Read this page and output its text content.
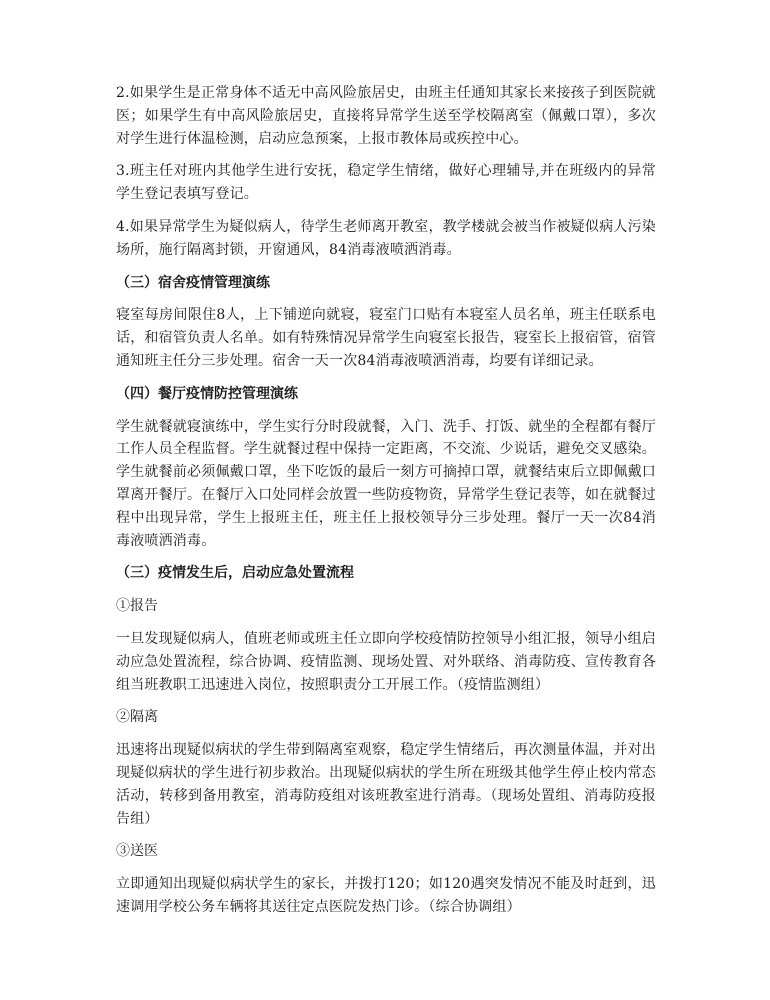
2.如果学生是正常身体不适无中高风险旅居史，由班主任通知其家长来接孩子到医院就医；如果学生有中高风险旅居史，直接将异常学生送至学校隔离室（佩戴口罩），多次对学生进行体温检测，启动应急预案，上报市教体局或疾控中心。

3.班主任对班内其他学生进行安抚，稳定学生情绪，做好心理辅导,并在班级内的异常学生登记表填写登记。

4.如果异常学生为疑似病人，待学生老师离开教室，教学楼就会被当作被疑似病人污染场所，施行隔离封锁，开窗通风，84消毒液喷洒消毒。

（三）宿舍疫情管理演练

寝室每房间限住8人，上下铺逆向就寝，寝室门口贴有本寝室人员名单，班主任联系电话，和宿管负责人名单。如有特殊情况异常学生向寝室长报告，寝室长上报宿管，宿管通知班主任分三步处理。宿舍一天一次84消毒液喷洒消毒，均要有详细记录。

（四）餐厅疫情防控管理演练

学生就餐就寝演练中，学生实行分时段就餐，入门、洗手、打饭、就坐的全程都有餐厅工作人员全程监督。学生就餐过程中保持一定距离，不交流、少说话，避免交叉感染。学生就餐前必须佩戴口罩，坐下吃饭的最后一刻方可摘掉口罩，就餐结束后立即佩戴口罩离开餐厅。在餐厅入口处同样会放置一些防疫物资，异常学生登记表等，如在就餐过程中出现异常，学生上报班主任，班主任上报校领导分三步处理。餐厅一天一次84消毒液喷洒消毒。

（三）疫情发生后，启动应急处置流程

①报告

一旦发现疑似病人，值班老师或班主任立即向学校疫情防控领导小组汇报，领导小组启动应急处置流程，综合协调、疫情监测、现场处置、对外联络、消毒防疫、宣传教育各组当班教职工迅速进入岗位，按照职责分工开展工作。（疫情监测组）

②隔离

迅速将出现疑似病状的学生带到隔离室观察，稳定学生情绪后，再次测量体温，并对出现疑似病状的学生进行初步救治。出现疑似病状的学生所在班级其他学生停止校内常态活动，转移到备用教室，消毒防疫组对该班教室进行消毒。（现场处置组、消毒防疫报告组）

③送医

立即通知出现疑似病状学生的家长，并拨打120；如120遇突发情况不能及时赶到，迅速调用学校公务车辆将其送往定点医院发热门诊。（综合协调组）
